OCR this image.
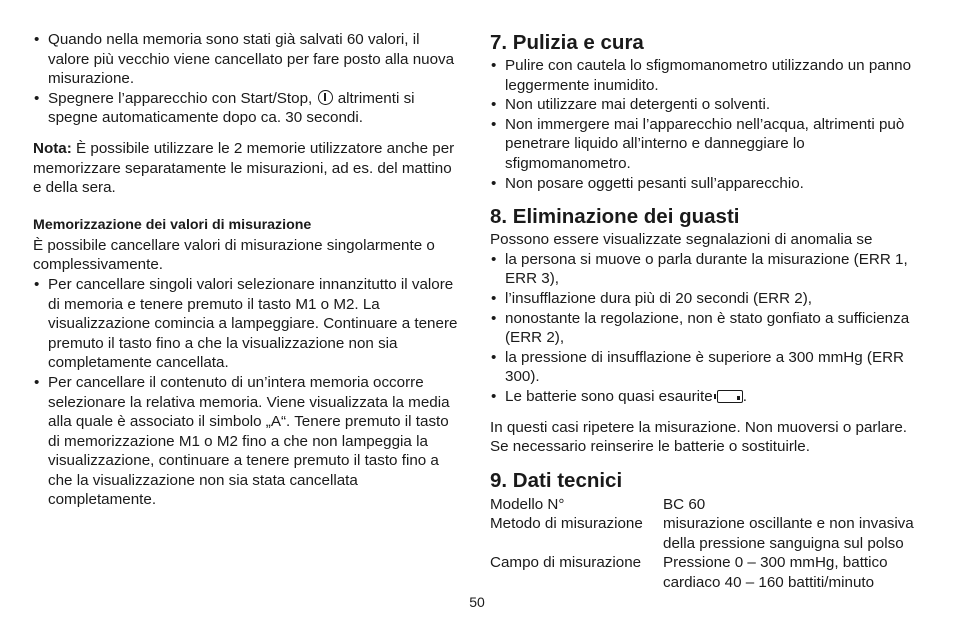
• Quando nella memoria sono stati già salvati 60 valori, il valore più vecchio viene cancellato per fare posto alla nuova misurazione.
• Spegnere l’apparecchio con Start/Stop, altrimenti si spegne automaticamente dopo ca. 30 secondi.

Nota: È possibile utilizzare le 2 memorie utilizzatore anche per memorizzare separatamente le misurazioni, ad es. del mattino e della sera.

Memorizzazione dei valori di misurazione

È possibile cancellare valori di misurazione singolarmente o complessivamente.

• Per cancellare singoli valori selezionare innanzitutto il valore di memoria e tenere premuto il tasto M1 o M2. La visualizzazione comincia a lampeggiare. Continuare a tenere premuto il tasto fino a che la visualizzazione non sia completamente cancellata.
• Per cancellare il contenuto di un’intera memoria occorre selezionare la relativa memoria. Viene visualizzata la media alla quale è associato il simbolo „A“. Tenere premuto il tasto di memorizzazione M1 o M2 fino a che non lampeggia la visualizzazione, continuare a tenere premuto il tasto fino a che la visualizzazione non sia stata cancellata completamente.
7. Pulizia e cura
• Pulire con cautela lo sfigmomanometro utilizzando un panno leggermente inumidito.
• Non utilizzare mai detergenti o solventi.
• Non immergere mai l’apparecchio nell’acqua, altrimenti può penetrare liquido all’interno e danneggiare lo sfigmomanometro.
• Non posare oggetti pesanti sull’apparecchio.
8. Eliminazione dei guasti

Possono essere visualizzate segnalazioni di anomalia se

• la persona si muove o parla durante la misurazione (ERR 1, ERR 3),
• l’insufflazione dura più di 20 secondi (ERR 2),
• nonostante la regolazione, non è stato gonfiato a sufficienza (ERR 2),
• la pressione di insufflazione è superiore a 300 mmHg (ERR 300).
• Le batterie sono quasi esaurite .

In questi casi ripetere la misurazione. Non muoversi o parlare. Se necessario reinserire le batterie o sostituirle.

9. Dati tecnici
Modello N°	BC 60
Metodo di misurazione	misurazione oscillante e non invasiva della pressione sanguigna sul polso
Campo di misurazione	Pressione 0 – 300 mmHg, battico cardiaco 40 – 160 battiti/minuto
50
